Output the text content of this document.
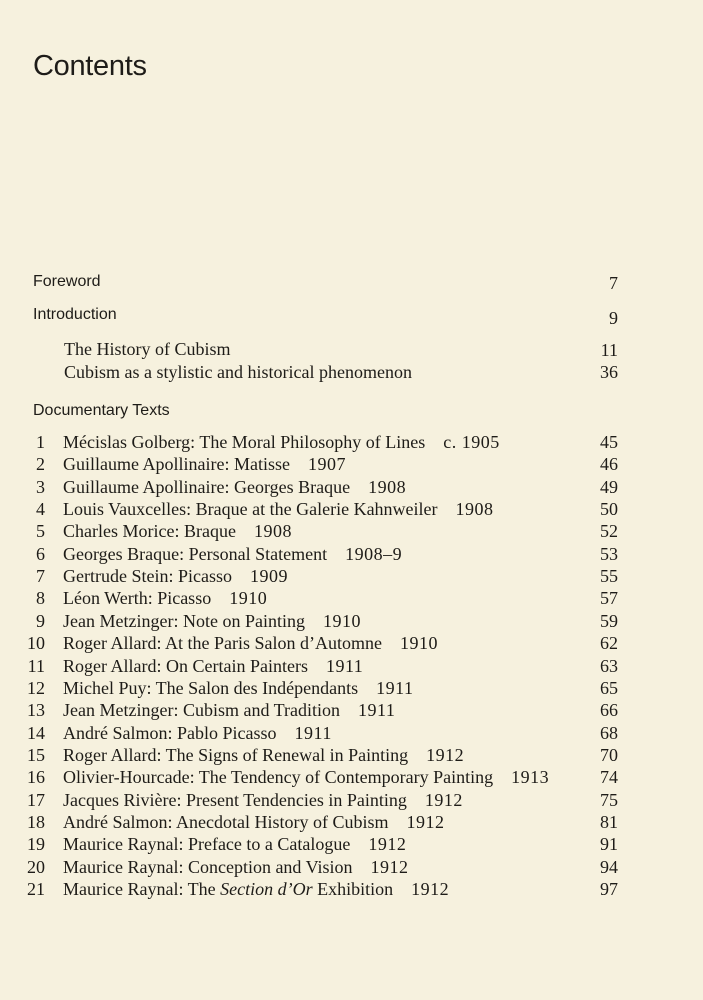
Contents
Foreword	7
Introduction	9
The History of Cubism	11
Cubism as a stylistic and historical phenomenon	36
Documentary Texts
1 Mécislas Golberg: The Moral Philosophy of Lines c. 1905	45
2 Guillaume Apollinaire: Matisse 1907	46
3 Guillaume Apollinaire: Georges Braque 1908	49
4 Louis Vauxcelles: Braque at the Galerie Kahnweiler 1908	50
5 Charles Morice: Braque 1908	52
6 Georges Braque: Personal Statement 1908–9	53
7 Gertrude Stein: Picasso 1909	55
8 Léon Werth: Picasso 1910	57
9 Jean Metzinger: Note on Painting 1910	59
10 Roger Allard: At the Paris Salon d’Automne 1910	62
11 Roger Allard: On Certain Painters 1911	63
12 Michel Puy: The Salon des Indépendants 1911	65
13 Jean Metzinger: Cubism and Tradition 1911	66
14 André Salmon: Pablo Picasso 1911	68
15 Roger Allard: The Signs of Renewal in Painting 1912	70
16 Olivier-Hourcade: The Tendency of Contemporary Painting 1913	74
17 Jacques Rivière: Present Tendencies in Painting 1912	75
18 André Salmon: Anecdotal History of Cubism 1912	81
19 Maurice Raynal: Preface to a Catalogue 1912	91
20 Maurice Raynal: Conception and Vision 1912	94
21 Maurice Raynal: The Section d’Or Exhibition 1912	97
